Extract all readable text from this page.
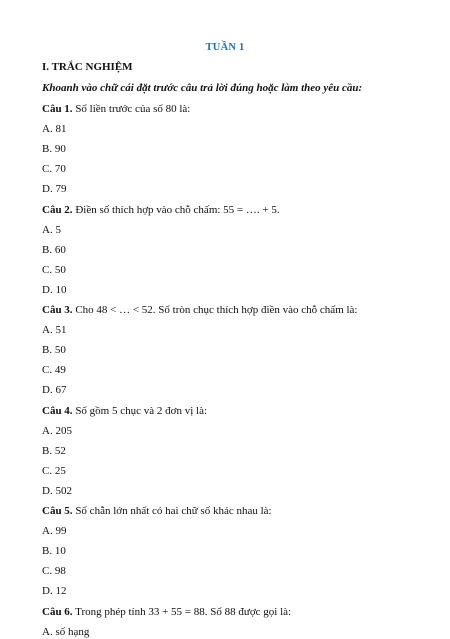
TUẦN 1
I. TRẮC NGHIỆM
Khoanh vào chữ cái đặt trước câu trả lời đúng hoặc làm theo yêu cầu:
Câu 1. Số liền trước của số 80 là:
A. 81
B. 90
C. 70
D. 79
Câu 2. Điền số thích hợp vào chỗ chấm: 55 = …. + 5.
A. 5
B. 60
C. 50
D. 10
Câu 3. Cho 48 < … < 52. Số tròn chục thích hợp điền vào chỗ chấm là:
A. 51
B. 50
C. 49
D. 67
Câu 4. Số gồm 5 chục và 2 đơn vị là:
A. 205
B. 52
C. 25
D. 502
Câu 5. Số chẵn lớn nhất có hai chữ số khác nhau là:
A. 99
B. 10
C. 98
D. 12
Câu 6. Trong phép tính 33 + 55 = 88. Số 88 được gọi là:
A. số hạng
